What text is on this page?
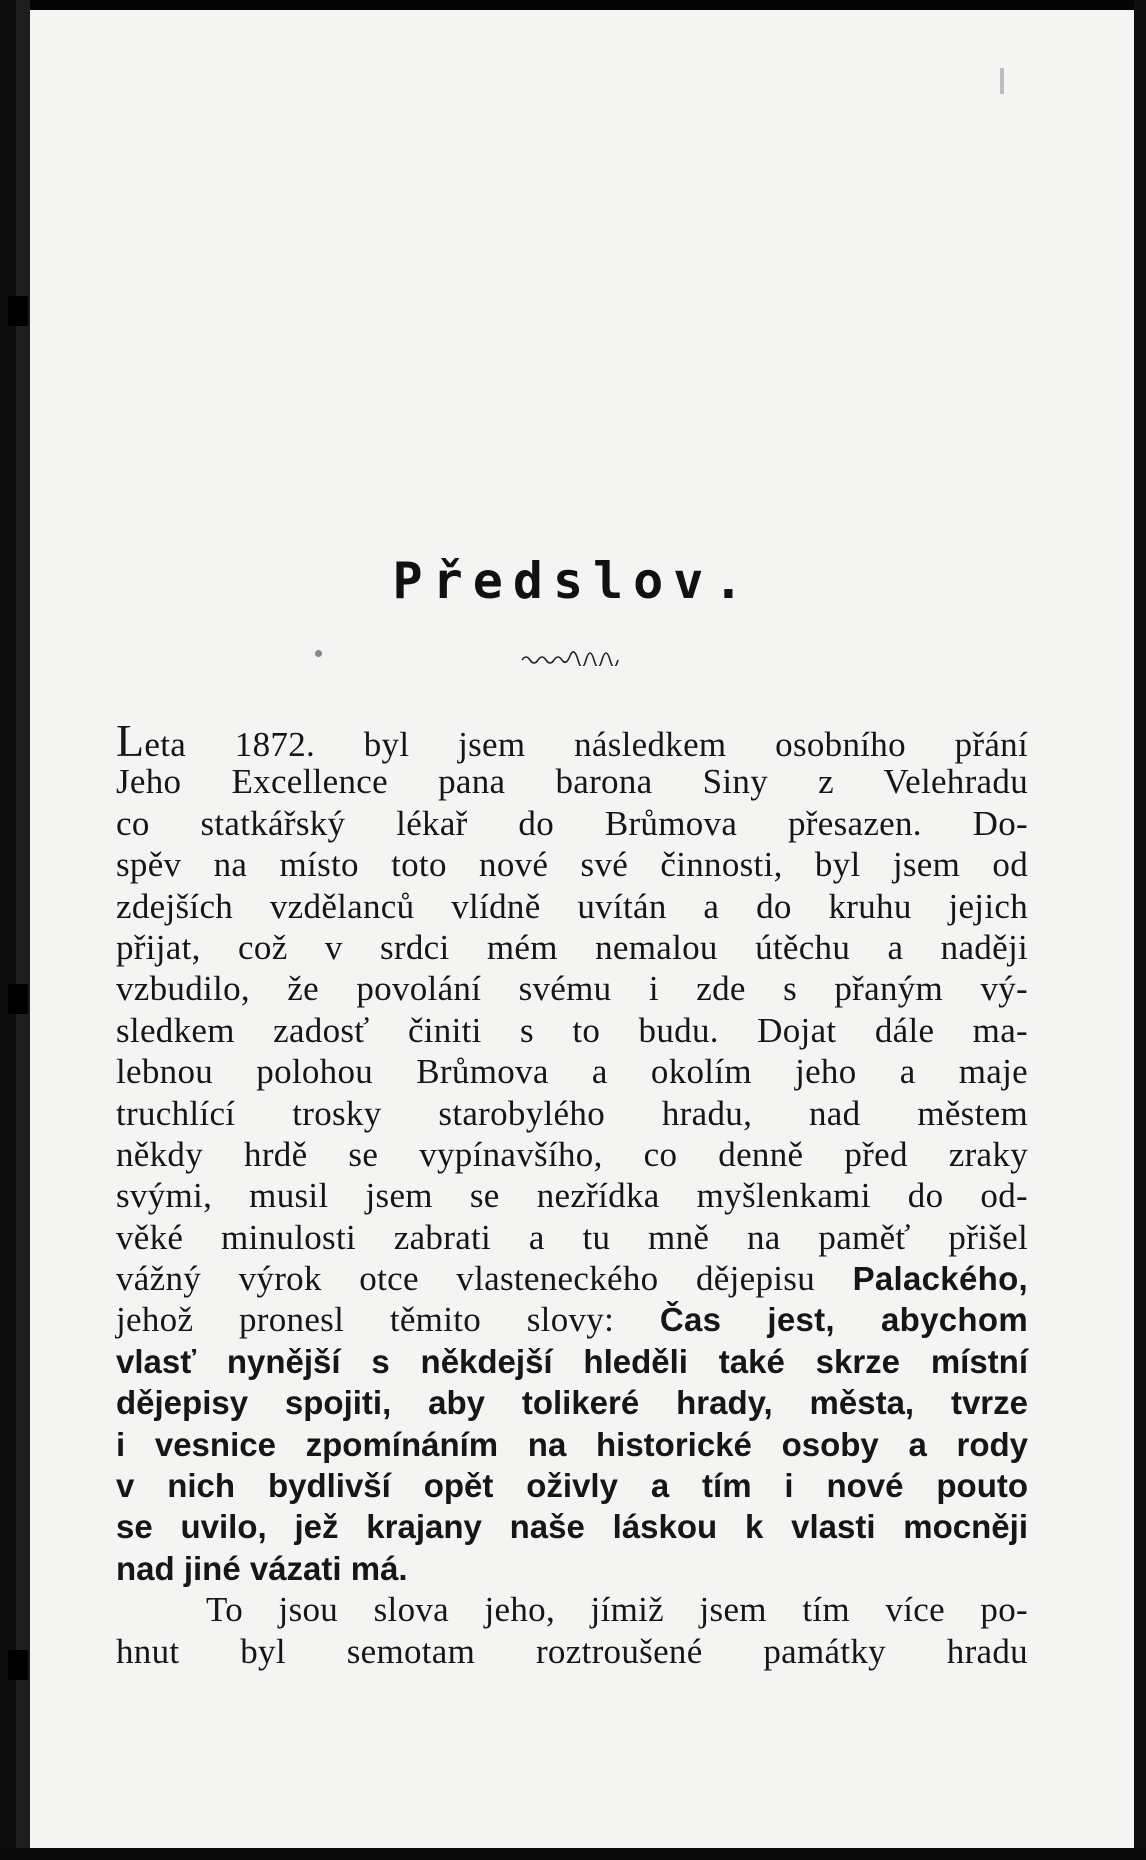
Předslov.
Leta 1872. byl jsem následkem osobního přání
Jeho Excellence pana barona Siny z Velehradu
co statkářský lékař do Brůmova přesazen. Do-
spěv na místo toto nové své činnosti, byl jsem od
zdejších vzdělanců vlídně uvítán a do kruhu jejich
přijat, což v srdci mém nemalou útěchu a naději
vzbudilo, že povolání svému i zde s přaným vý-
sledkem zadosť činiti s to budu. Dojat dále ma-
lebnou polohou Brůmova a okolím jeho a maje
truchlící trosky starobylého hradu, nad městem
někdy hrdě se vypínavšího, co denně před zraky
svými, musil jsem se nezřídka myšlenkami do od-
věké minulosti zabrati a tu mně na paměť přišel
vážný výrok otce vlasteneckého dějepisu Palackého,
jehož pronesl těmito slovy: Čas jest, abychom
vlasť nynější s někdejší hleděli také skrze místní
dějepisy spojiti, aby tolikeré hrady, města, tvrze
i vesnice zpomínáním na historické osoby a rody
v nich bydlivší opět oživly a tím i nové pouto
se uvilo, jež krajany naše láskou k vlasti mocněji
nad jiné vázati má.
To jsou slova jeho, jímiž jsem tím více po-
hnut byl semotam roztroušené památky hradu
